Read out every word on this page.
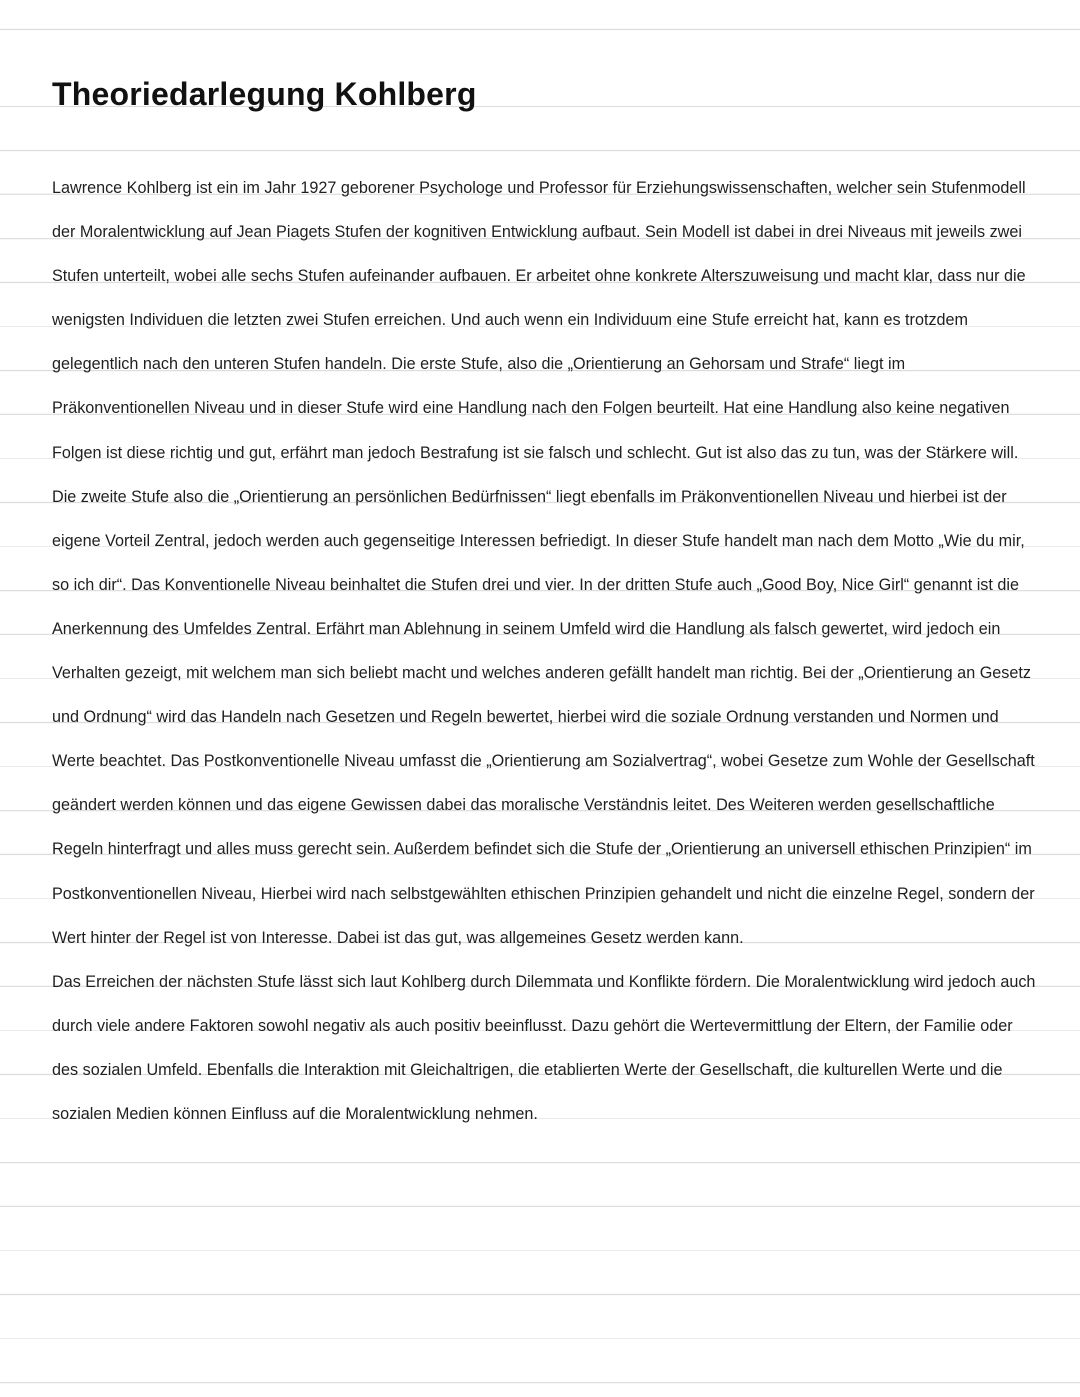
Theoriedarlegung Kohlberg

Lawrence Kohlberg ist ein im Jahr 1927 geborener Psychologe und Professor für Erziehungswissenschaften, welcher sein Stufenmodell der Moralentwicklung auf Jean Piagets Stufen der kognitiven Entwicklung aufbaut. Sein Modell ist dabei in drei Niveaus mit jeweils zwei Stufen unterteilt, wobei alle sechs Stufen aufeinander aufbauen. Er arbeitet ohne konkrete Alterszuweisung und macht klar, dass nur die wenigsten Individuen die letzten zwei Stufen erreichen. Und auch wenn ein Individuum eine Stufe erreicht hat, kann es trotzdem gelegentlich nach den unteren Stufen handeln. Die erste Stufe, also die „Orientierung an Gehorsam und Strafe“ liegt im Präkonventionellen Niveau und in dieser Stufe wird eine Handlung nach den Folgen beurteilt. Hat eine Handlung also keine negativen Folgen ist diese richtig und gut, erfährt man jedoch Bestrafung ist sie falsch und schlecht. Gut ist also das zu tun, was der Stärkere will. Die zweite Stufe also die „Orientierung an persönlichen Bedürfnissen“ liegt ebenfalls im Präkonventionellen Niveau und hierbei ist der eigene Vorteil Zentral, jedoch werden auch gegenseitige Interessen befriedigt. In dieser Stufe handelt man nach dem Motto „Wie du mir, so ich dir“. Das Konventionelle Niveau beinhaltet die Stufen drei und vier. In der dritten Stufe auch „Good Boy, Nice Girl“ genannt ist die Anerkennung des Umfeldes Zentral. Erfährt man Ablehnung in seinem Umfeld wird die Handlung als falsch gewertet, wird jedoch ein Verhalten gezeigt, mit welchem man sich beliebt macht und welches anderen gefällt handelt man richtig. Bei der „Orientierung an Gesetz und Ordnung“ wird das Handeln nach Gesetzen und Regeln bewertet, hierbei wird die soziale Ordnung verstanden und Normen und Werte beachtet. Das Postkonventionelle Niveau umfasst die „Orientierung am Sozialvertrag“, wobei Gesetze zum Wohle der Gesellschaft geändert werden können und das eigene Gewissen dabei das moralische Verständnis leitet. Des Weiteren werden gesellschaftliche Regeln hinterfragt und alles muss gerecht sein. Außerdem befindet sich die Stufe der „Orientierung an universell ethischen Prinzipien“ im Postkonventionellen Niveau, Hierbei wird nach selbstgewählten ethischen Prinzipien gehandelt und nicht die einzelne Regel, sondern der Wert hinter der Regel ist von Interesse. Dabei ist das gut, was allgemeines Gesetz werden kann.

Das Erreichen der nächsten Stufe lässt sich laut Kohlberg durch Dilemmata und Konflikte fördern. Die Moralentwicklung wird jedoch auch durch viele andere Faktoren sowohl negativ als auch positiv beeinflusst. Dazu gehört die Wertevermittlung der Eltern, der Familie oder des sozialen Umfeld. Ebenfalls die Interaktion mit Gleichaltrigen, die etablierten Werte der Gesellschaft, die kulturellen Werte und die sozialen Medien können Einfluss auf die Moralentwicklung nehmen.
